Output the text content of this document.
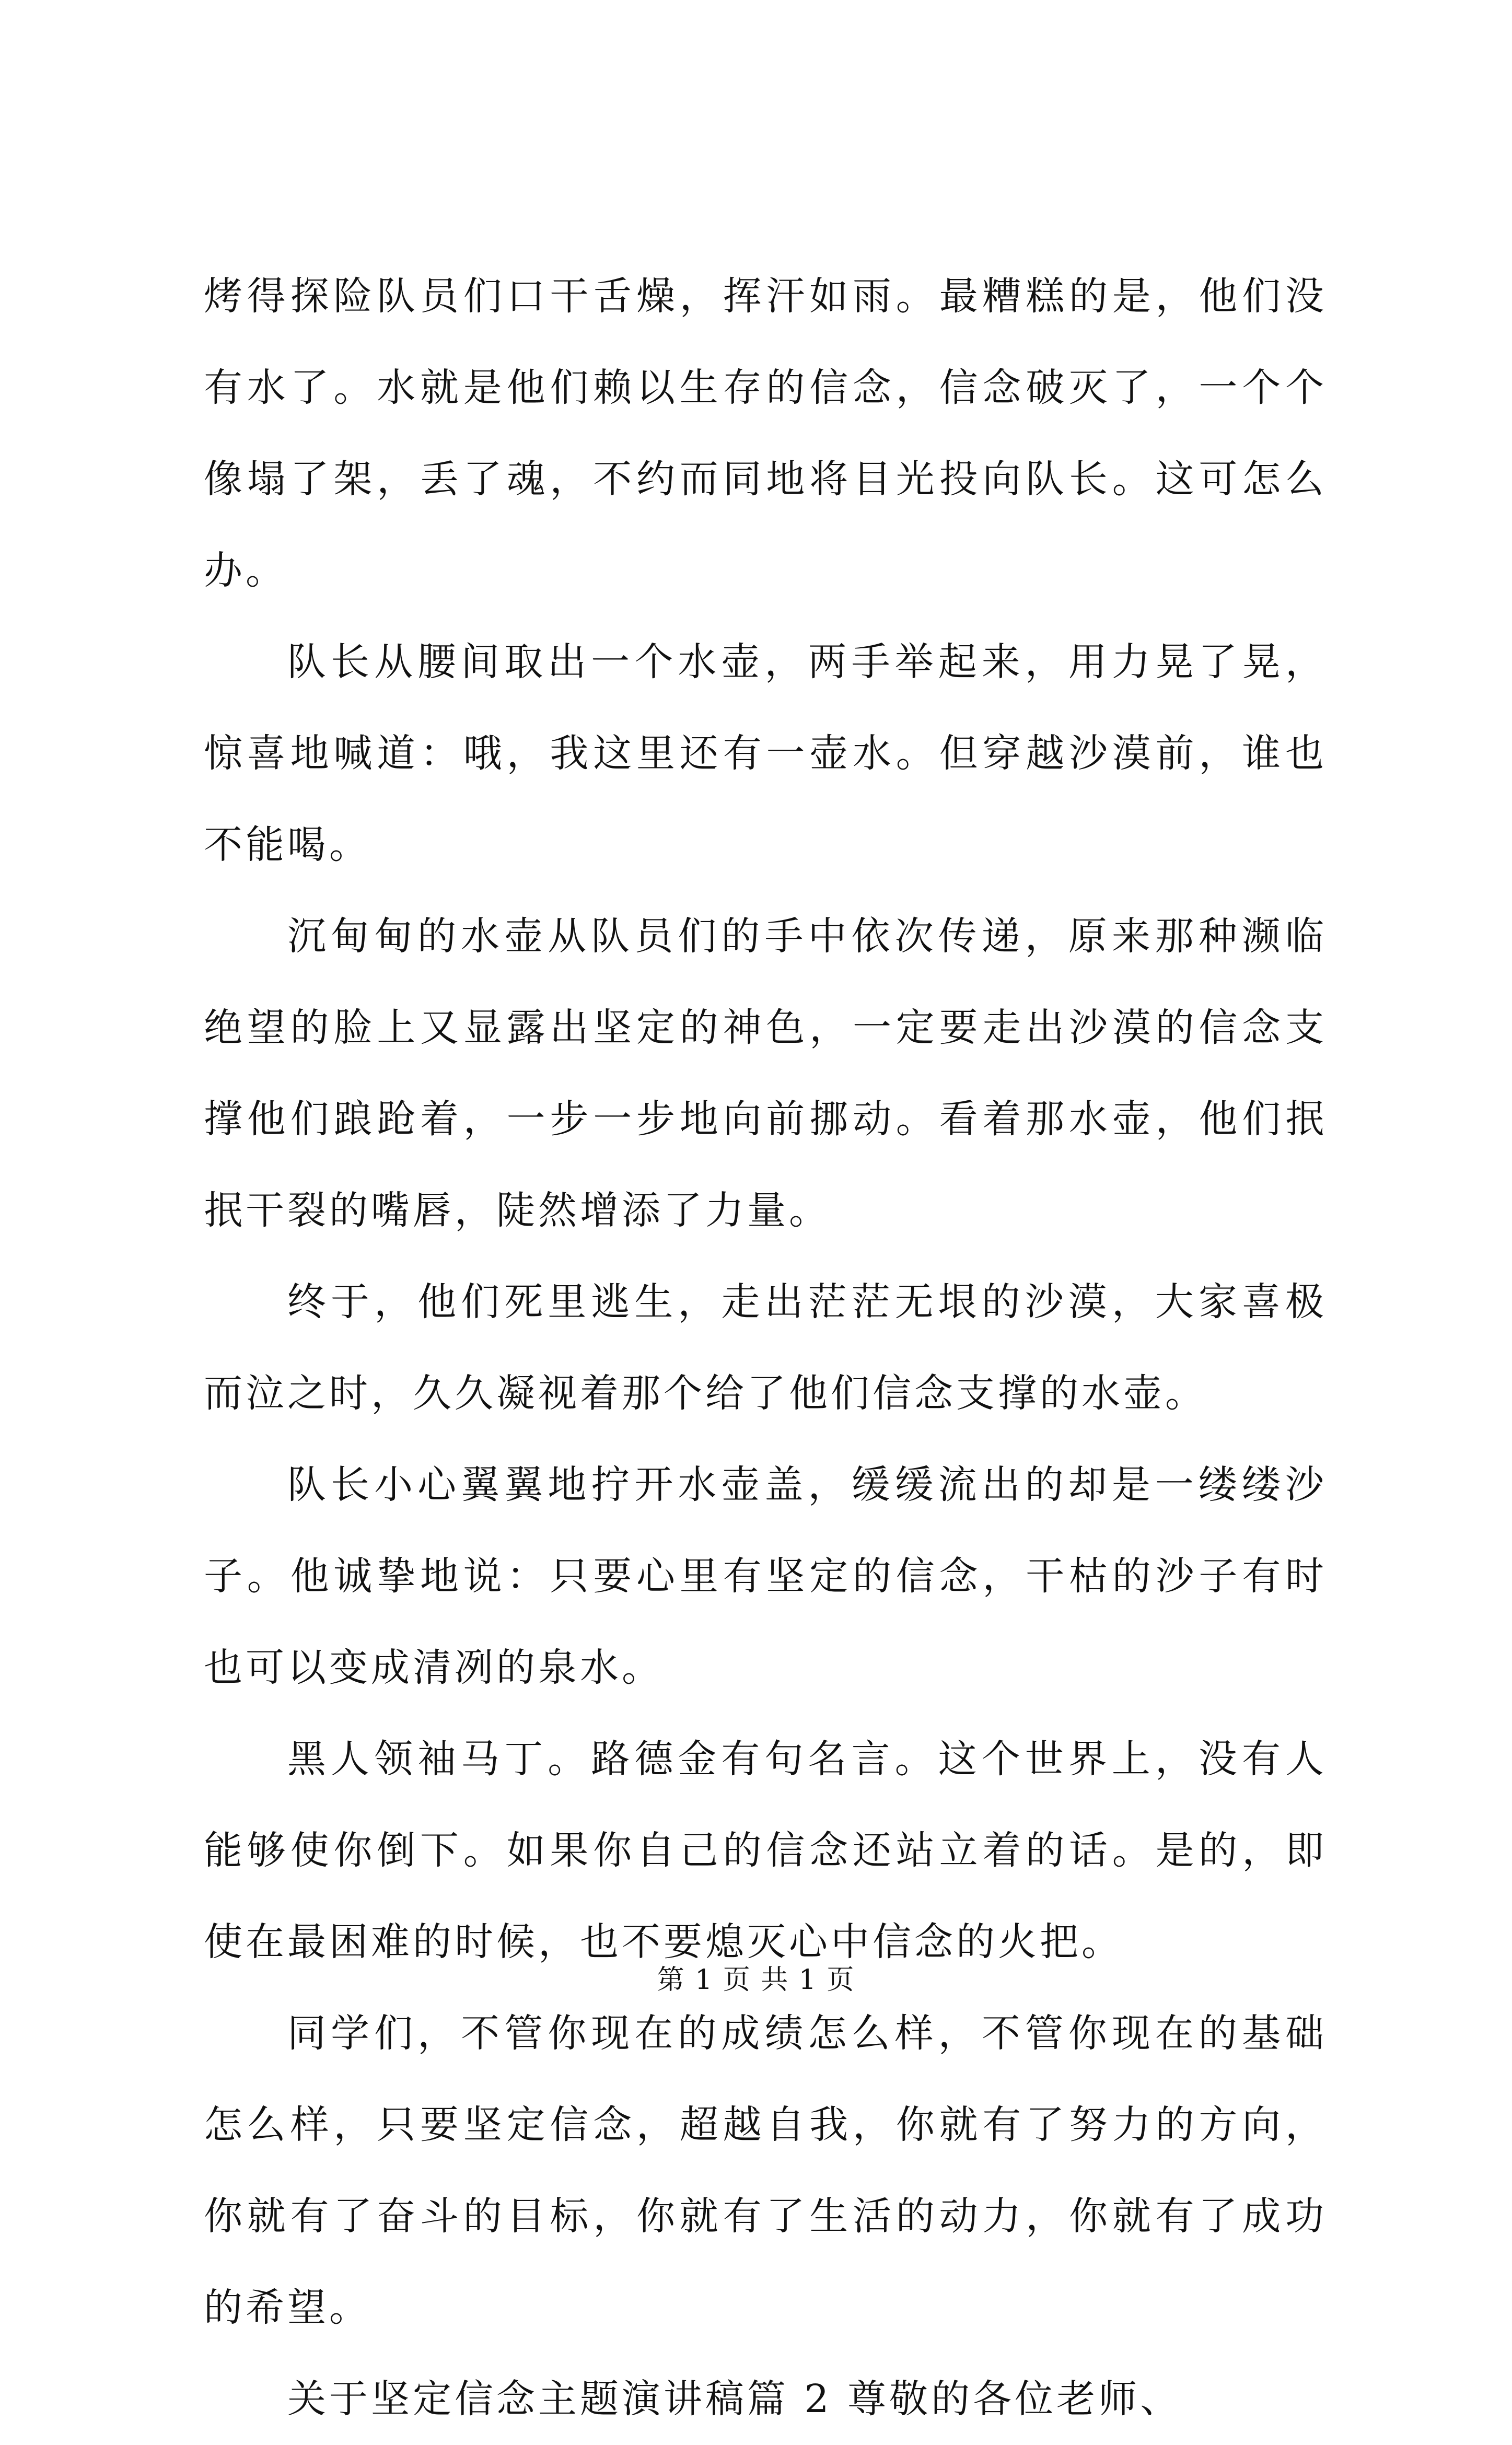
烤得探险队员们口干舌燥，挥汗如雨。最糟糕的是，他们没有水了。水就是他们赖以生存的信念，信念破灭了，一个个像塌了架，丢了魂，不约而同地将目光投向队长。这可怎么办。

队长从腰间取出一个水壶，两手举起来，用力晃了晃，惊喜地喊道：哦，我这里还有一壶水。但穿越沙漠前，谁也不能喝。

沉甸甸的水壶从队员们的手中依次传递，原来那种濒临绝望的脸上又显露出坚定的神色，一定要走出沙漠的信念支撑他们踉跄着，一步一步地向前挪动。看着那水壶，他们抿抿干裂的嘴唇，陡然增添了力量。

终于，他们死里逃生，走出茫茫无垠的沙漠，大家喜极而泣之时，久久凝视着那个给了他们信念支撑的水壶。

队长小心翼翼地拧开水壶盖，缓缓流出的却是一缕缕沙子。他诚挚地说：只要心里有坚定的信念，干枯的沙子有时也可以变成清冽的泉水。

黑人领袖马丁。路德金有句名言。这个世界上，没有人能够使你倒下。如果你自己的信念还站立着的话。是的，即使在最困难的时候，也不要熄灭心中信念的火把。

同学们，不管你现在的成绩怎么样，不管你现在的基础怎么样，只要坚定信念，超越自我，你就有了努力的方向，你就有了奋斗的目标，你就有了生活的动力，你就有了成功的希望。

关于坚定信念主题演讲稿篇 2 尊敬的各位老师、

第 1 页 共 1 页
